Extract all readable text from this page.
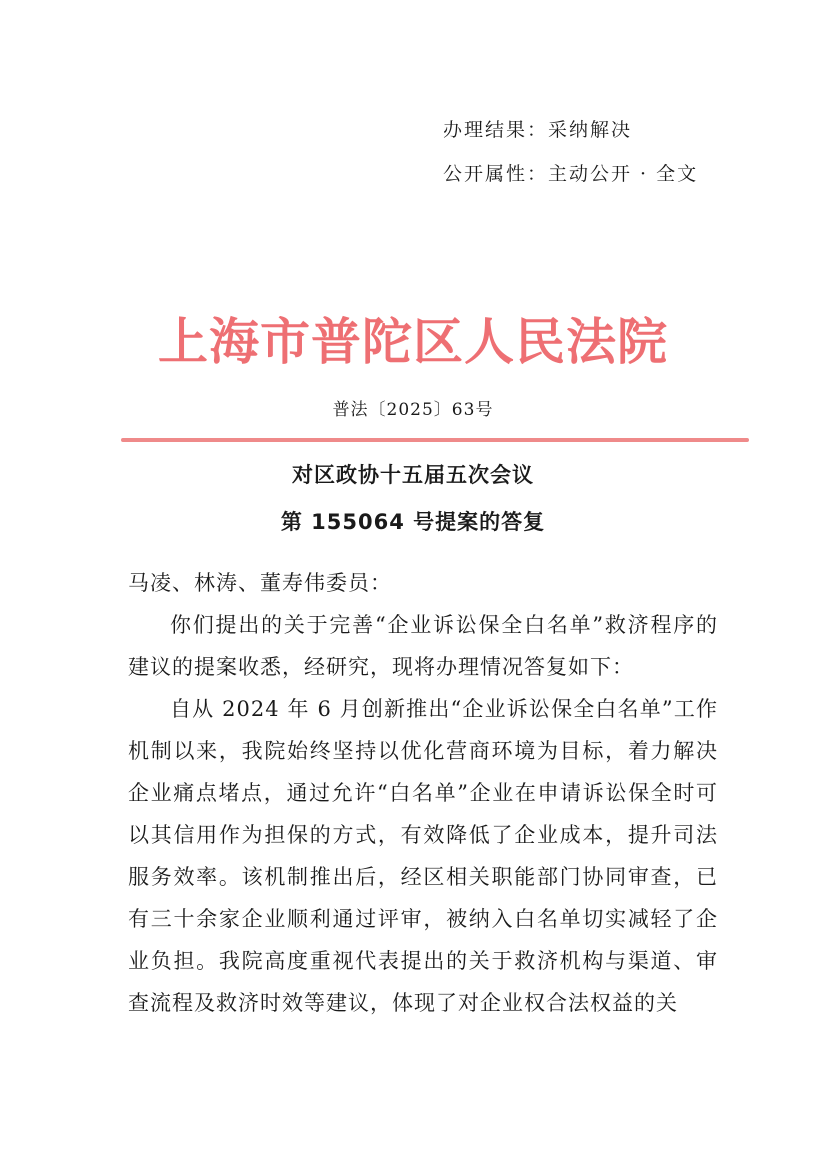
办理结果：采纳解决
公开属性：主动公开 · 全文
上海市普陀区人民法院
普法〔2025〕63号
对区政协十五届五次会议
第 155064 号提案的答复

马凌、林涛、董寿伟委员：

你们提出的关于完善“企业诉讼保全白名单”救济程序的建议的提案收悉，经研究，现将办理情况答复如下：

自从 2024 年 6 月创新推出“企业诉讼保全白名单”工作机制以来，我院始终坚持以优化营商环境为目标，着力解决企业痛点堵点，通过允许“白名单”企业在申请诉讼保全时可以其信用作为担保的方式，有效降低了企业成本，提升司法服务效率。该机制推出后，经区相关职能部门协同审查，已有三十余家企业顺利通过评审，被纳入白名单切实减轻了企业负担。我院高度重视代表提出的关于救济机构与渠道、审查流程及救济时效等建议，体现了对企业权合法权益的关
